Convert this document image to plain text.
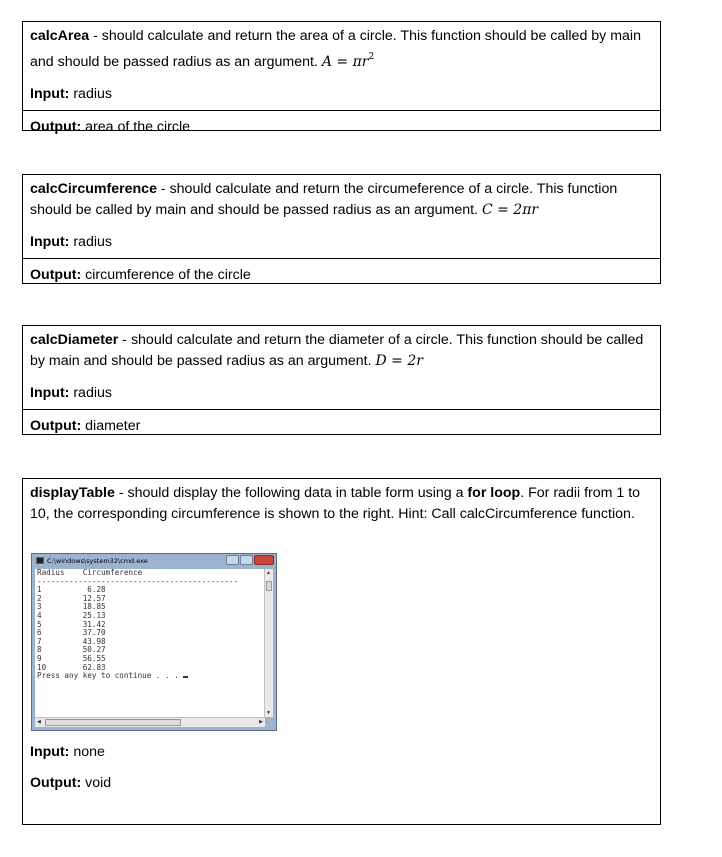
calcArea - should calculate and return the area of a circle. This function should be called by main and should be passed radius as an argument. $A = \pi r^2$

Input: radius
Output: area of the circle

calcCircumference - should calculate and return the circumeference of a circle. This function should be called by main and should be passed radius as an argument. C = 2πr

Input: radius
Output: circumference of the circle

calcDiameter - should calculate and return the diameter of a circle. This function should be called by main and should be passed radius as an argument. D = 2r

Input: radius
Output: diameter

displayTable - should display the following data in table form using a for loop. For radii from 1 to 10, the corresponding circumference is shown to the right. Hint: Call calcCircumference function.

Input: none
Output: void
C:\windows\system32\cmd.exe
Radius Circumference
--------------------------------------------
1	6.28
2	12.57
3	18.85
4	25.13
5	31.42
6	37.70
7	43.98
8	50.27
9	56.55
10	62.83
Press any key to continue . . .
▲
▼
◀	▶
